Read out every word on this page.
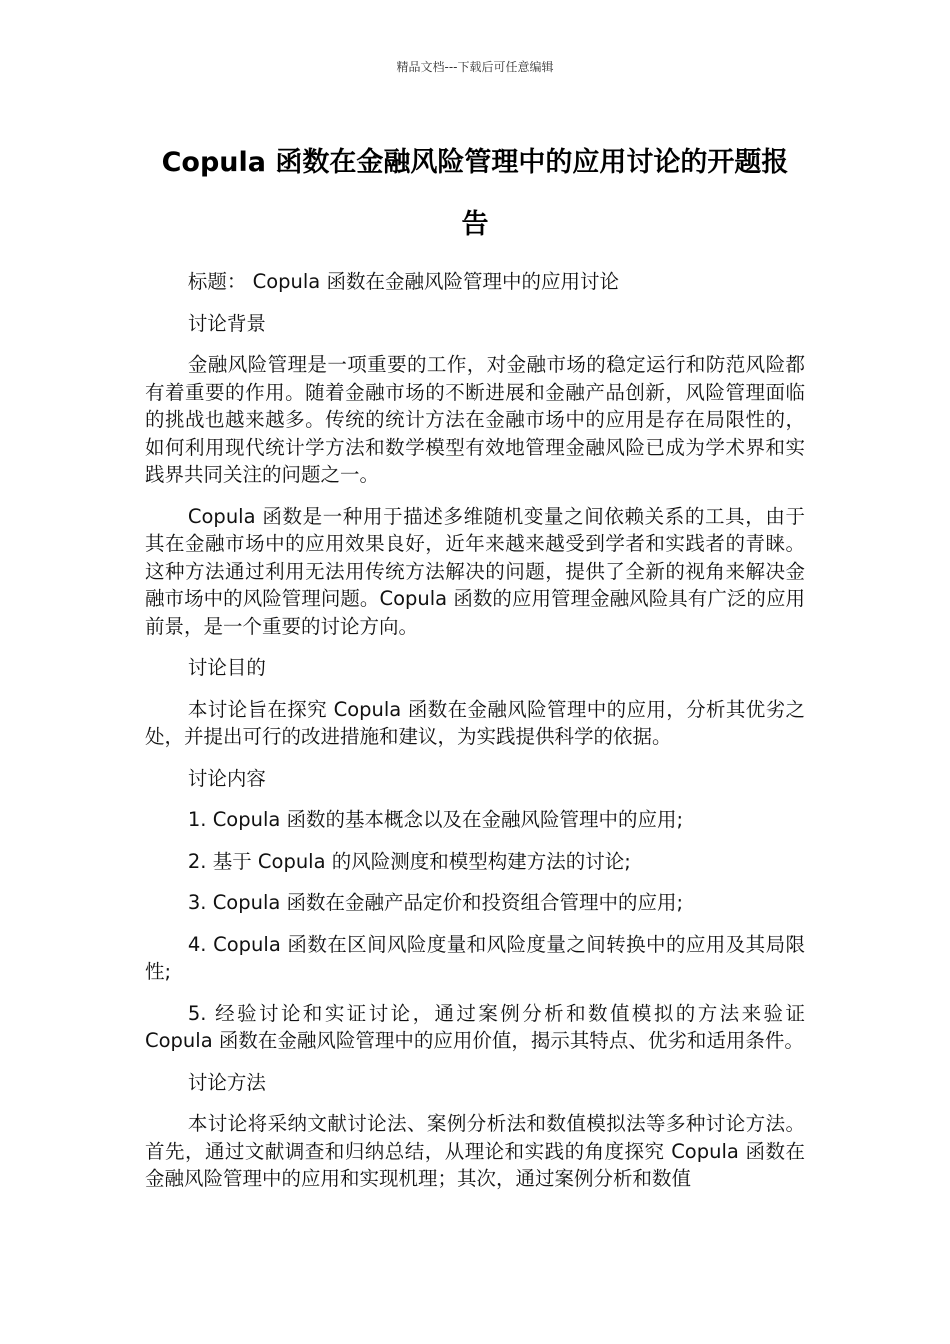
精品文档---下载后可任意编辑
Copula 函数在金融风险管理中的应用讨论的开题报告

标题： Copula 函数在金融风险管理中的应用讨论

讨论背景

金融风险管理是一项重要的工作，对金融市场的稳定运行和防范风险都有着重要的作用。随着金融市场的不断进展和金融产品创新，风险管理面临的挑战也越来越多。传统的统计方法在金融市场中的应用是存在局限性的，如何利用现代统计学方法和数学模型有效地管理金融风险已成为学术界和实践界共同关注的问题之一。

Copula 函数是一种用于描述多维随机变量之间依赖关系的工具，由于其在金融市场中的应用效果良好，近年来越来越受到学者和实践者的青睐。这种方法通过利用无法用传统方法解决的问题，提供了全新的视角来解决金融市场中的风险管理问题。Copula 函数的应用管理金融风险具有广泛的应用前景，是一个重要的讨论方向。

讨论目的

本讨论旨在探究 Copula 函数在金融风险管理中的应用，分析其优劣之处，并提出可行的改进措施和建议，为实践提供科学的依据。

讨论内容

1. Copula 函数的基本概念以及在金融风险管理中的应用;

2. 基于 Copula 的风险测度和模型构建方法的讨论;

3. Copula 函数在金融产品定价和投资组合管理中的应用;

4. Copula 函数在区间风险度量和风险度量之间转换中的应用及其局限性;

5. 经验讨论和实证讨论，通过案例分析和数值模拟的方法来验证 Copula 函数在金融风险管理中的应用价值，揭示其特点、优劣和适用条件。

讨论方法

本讨论将采纳文献讨论法、案例分析法和数值模拟法等多种讨论方法。首先，通过文献调查和归纳总结，从理论和实践的角度探究 Copula 函数在金融风险管理中的应用和实现机理；其次，通过案例分析和数值
